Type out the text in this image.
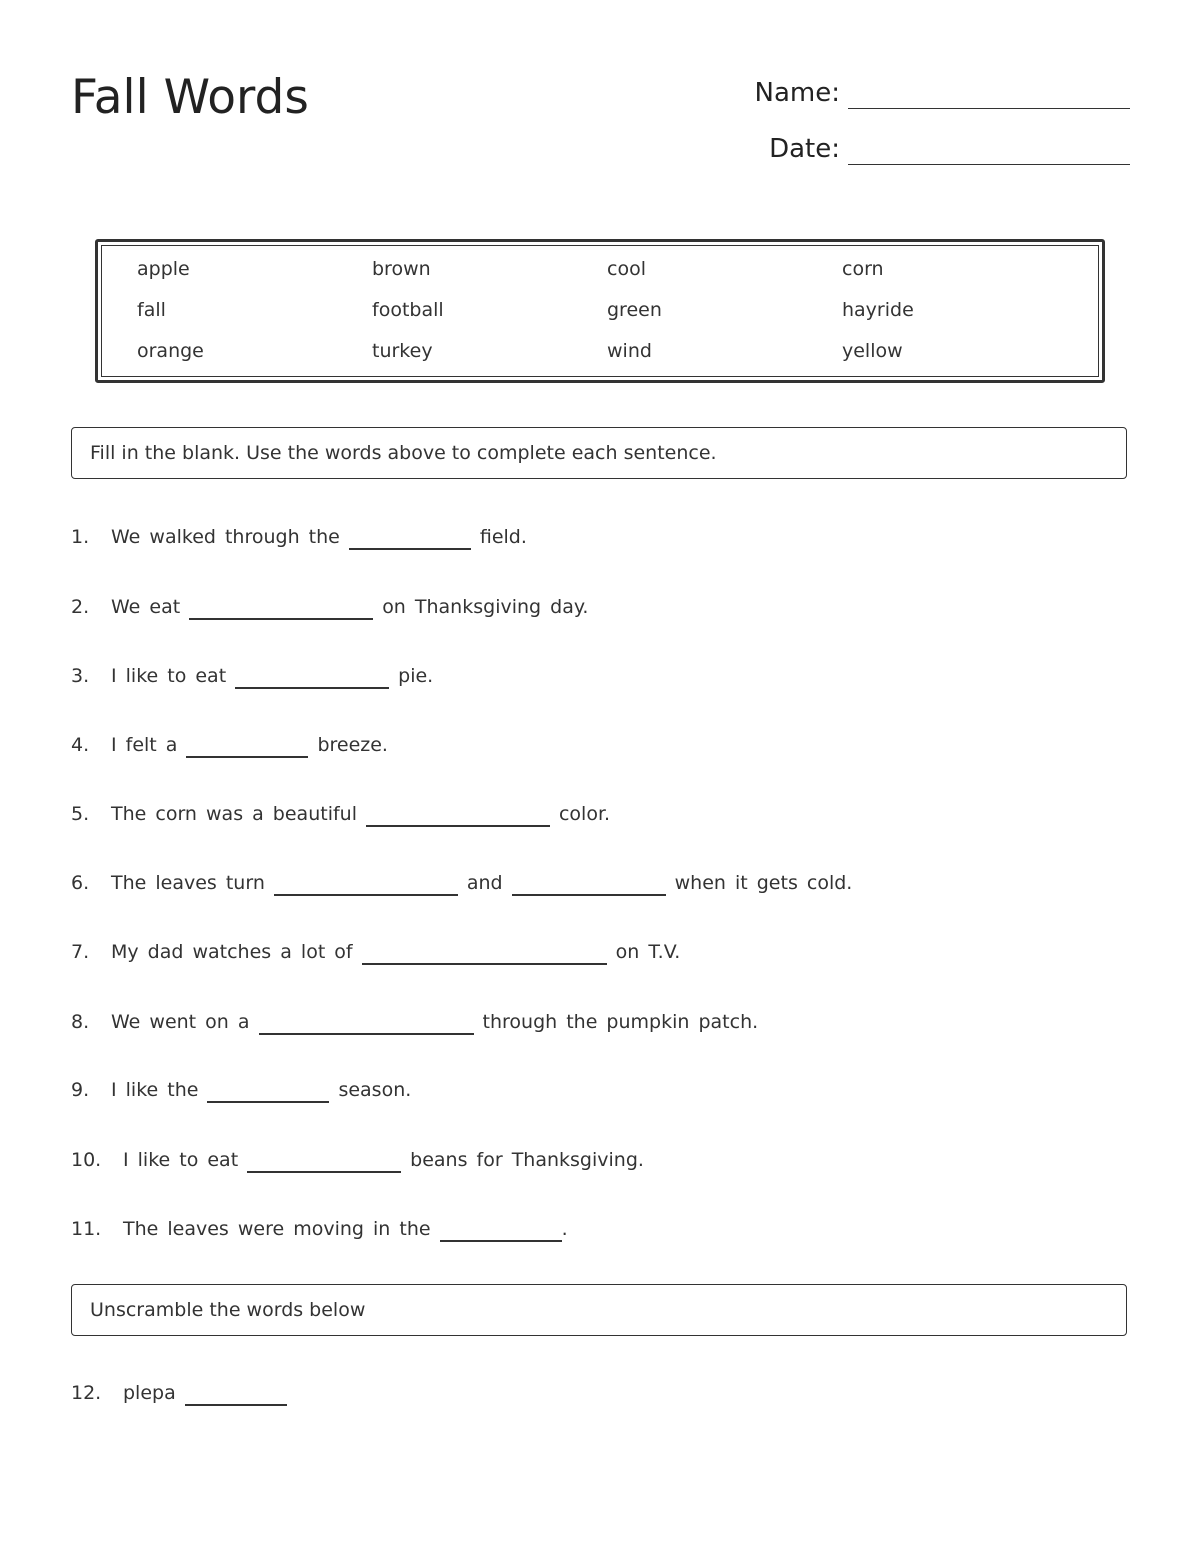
Fall Words	Name:
Date:
apple	brown	cool	corn
fall	football	green	hayride
orange	turkey	wind	yellow
Fill in the blank. Use the words above to complete each sentence.
1.	We walked through the	field.
2.	We eat	on Thanksgiving day.
3.	I like to eat	pie.
4.	I felt a	breeze.
5.	The corn was a beautiful	color.
6.	The leaves turn	and	when it gets cold.
7.	My dad watches a lot of	on T.V.
8.	We went on a	through the pumpkin patch.
9.	I like the	season.
10.	I like to eat	beans for Thanksgiving.
11.	The leaves were moving in the	.
Unscramble the words below
12.	plepa
